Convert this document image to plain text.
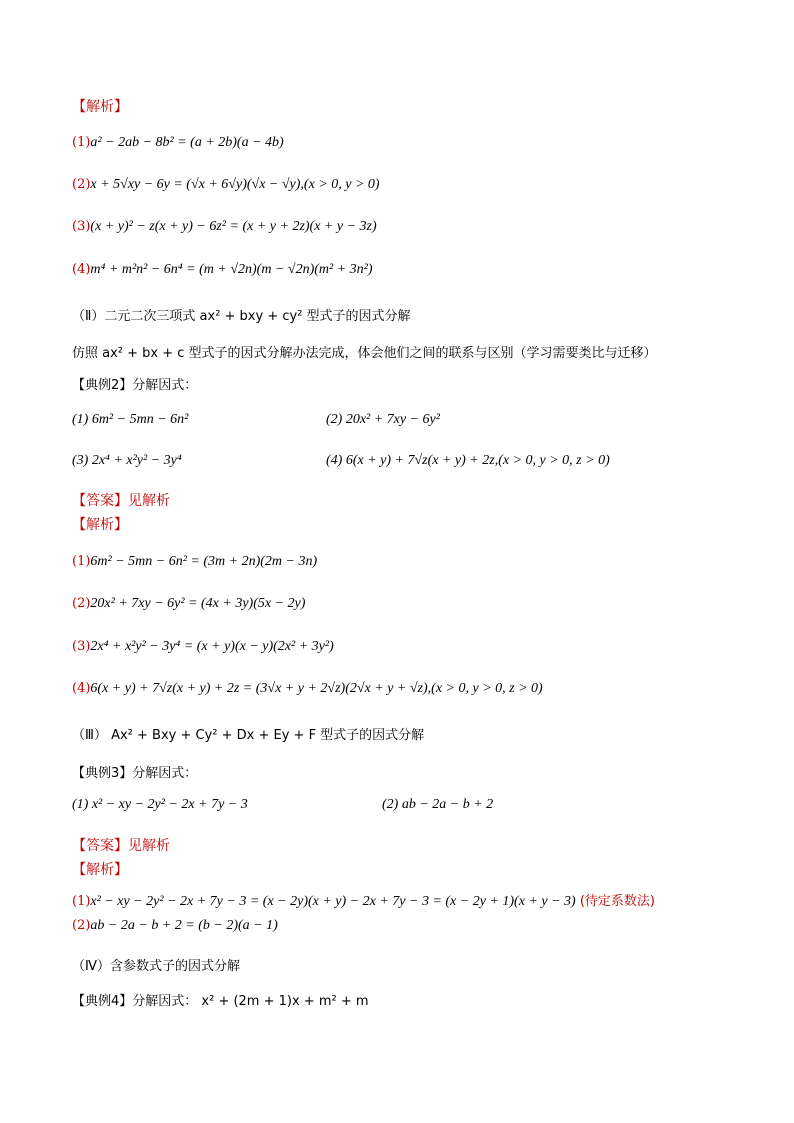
【解析】
(1)a² − 2ab − 8b² = (a + 2b)(a − 4b)
(2)x + 5√xy − 6y = (√x + 6√y)(√x − √y),(x > 0, y > 0)
(3)(x + y)² − z(x + y) − 6z² = (x + y + 2z)(x + y − 3z)
(4)m⁴ + m²n² − 6n⁴ = (m + √2n)(m − √2n)(m² + 3n²)
（Ⅱ）二元二次三项式 ax² + bxy + cy² 型式子的因式分解
仿照 ax² + bx + c 型式子的因式分解办法完成，体会他们之间的联系与区别（学习需要类比与迁移）
【典例2】分解因式：
(1) 6m² − 5mn − 6n²	(2) 20x² + 7xy − 6y²
(3) 2x⁴ + x²y² − 3y⁴	(4) 6(x + y) + 7√z(x + y) + 2z,(x > 0, y > 0, z > 0)
【答案】见解析
【解析】
(1)6m² − 5mn − 6n² = (3m + 2n)(2m − 3n)
(2)20x² + 7xy − 6y² = (4x + 3y)(5x − 2y)
(3)2x⁴ + x²y² − 3y⁴ = (x + y)(x − y)(2x² + 3y²)
(4)6(x + y) + 7√z(x + y) + 2z = (3√x + y + 2√z)(2√x + y + √z),(x > 0, y > 0, z > 0)
（Ⅲ） Ax² + Bxy + Cy² + Dx + Ey + F 型式子的因式分解
【典例3】分解因式：
(1) x² − xy − 2y² − 2x + 7y − 3	(2) ab − 2a − b + 2
【答案】见解析
【解析】
(1)x² − xy − 2y² − 2x + 7y − 3 = (x − 2y)(x + y) − 2x + 7y − 3 = (x − 2y + 1)(x + y − 3) (待定系数法)
(2)ab − 2a − b + 2 = (b − 2)(a − 1)
（Ⅳ）含参数式子的因式分解
【典例4】分解因式： x² + (2m + 1)x + m² + m
